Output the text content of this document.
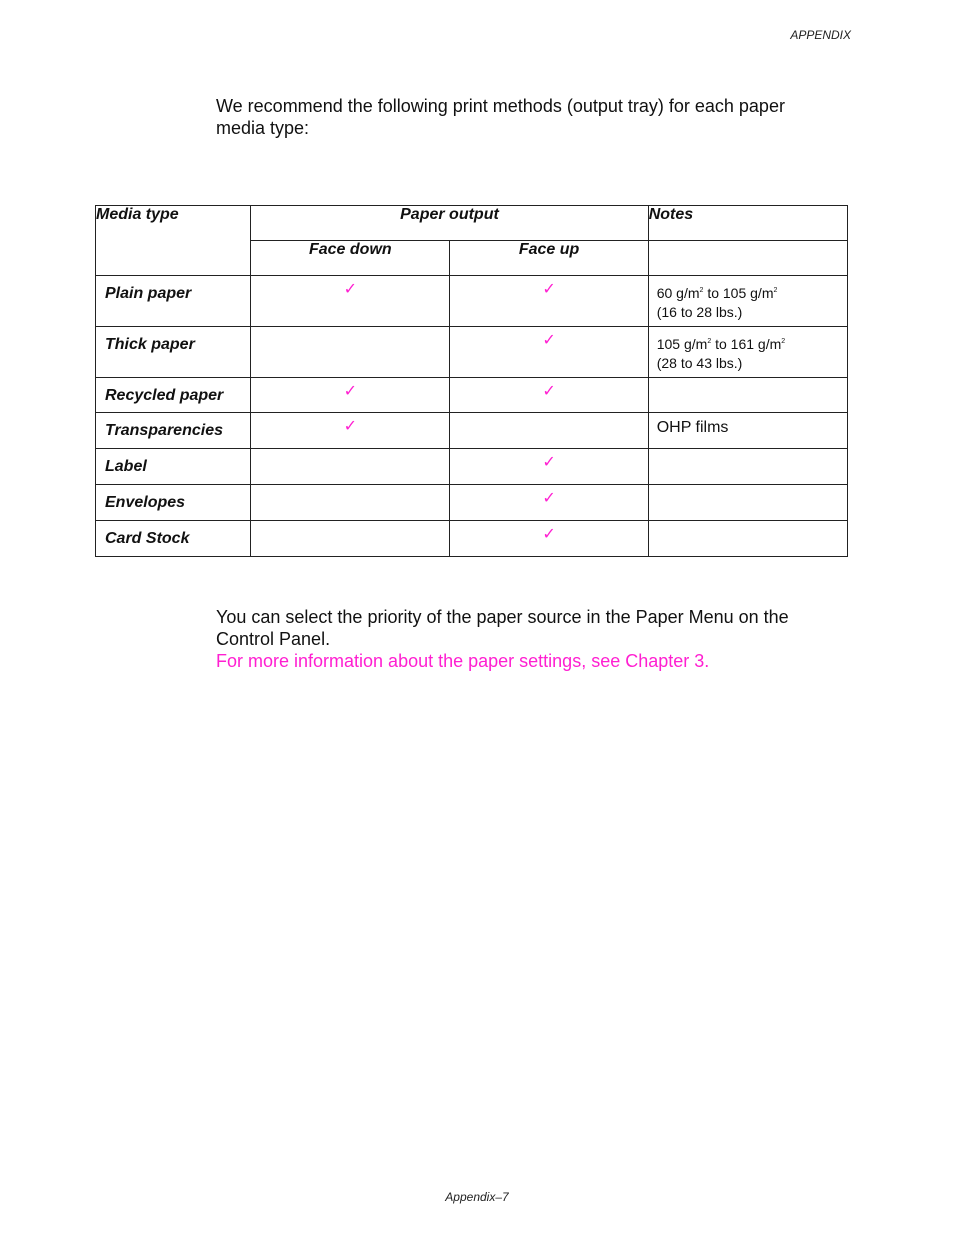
APPENDIX
We recommend the following print methods (output tray) for each paper media type:
Media type	Paper output		Notes
	Face down	Face up	
Plain paper	✓	✓	60 $g/m^2$ to 105 $g/m^2$
(16 to 28 lbs.)
Thick paper		✓	105 $g/m^2$ to 161 $g/m^2$
(28 to 43 lbs.)
Recycled paper	✓	✓	
Transparencies	✓		OHP films
Label		✓	
Envelopes		✓	
Card Stock		✓	
You can select the priority of the paper source in the Paper Menu on the Control Panel.
For more information about the paper settings, see Chapter 3.
Appendix–7
